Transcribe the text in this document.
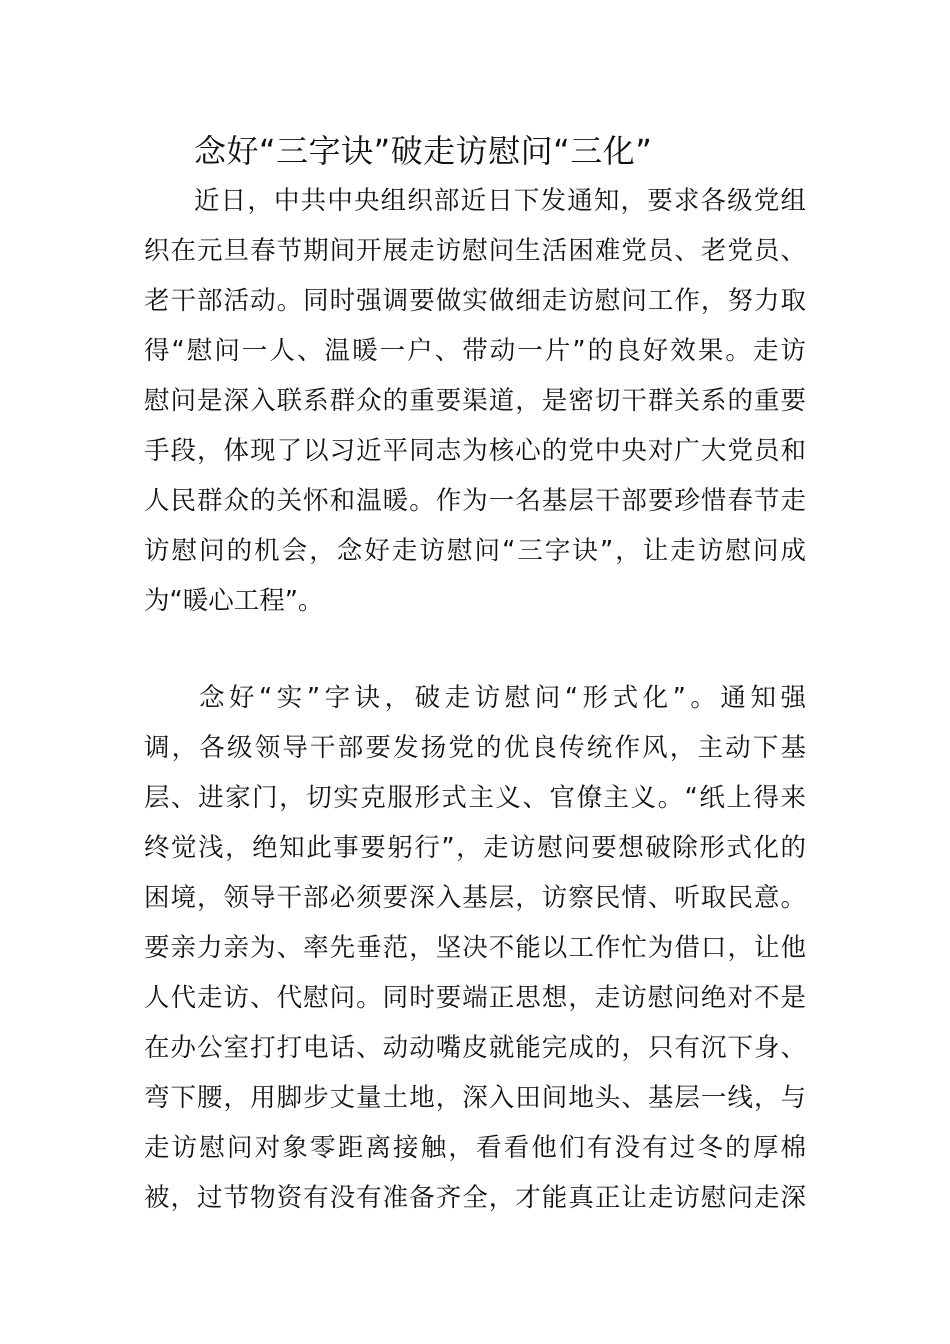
念好“三字诀”破走访慰问“三化”
近日，中共中央组织部近日下发通知，要求各级党组
织在元旦春节期间开展走访慰问生活困难党员、老党员、
老干部活动。同时强调要做实做细走访慰问工作，努力取
得“慰问一人、温暖一户、带动一片”的良好效果。走访
慰问是深入联系群众的重要渠道，是密切干群关系的重要
手段，体现了以习近平同志为核心的党中央对广大党员和
人民群众的关怀和温暖。作为一名基层干部要珍惜春节走
访慰问的机会，念好走访慰问“三字诀”，让走访慰问成
为“暖心工程”。
念好“实”字诀，破走访慰问“形式化”。通知强
调，各级领导干部要发扬党的优良传统作风，主动下基
层、进家门，切实克服形式主义、官僚主义。“纸上得来
终觉浅，绝知此事要躬行”，走访慰问要想破除形式化的
困境，领导干部必须要深入基层，访察民情、听取民意。
要亲力亲为、率先垂范，坚决不能以工作忙为借口，让他
人代走访、代慰问。同时要端正思想，走访慰问绝对不是
在办公室打打电话、动动嘴皮就能完成的，只有沉下身、
弯下腰，用脚步丈量土地，深入田间地头、基层一线，与
走访慰问对象零距离接触，看看他们有没有过冬的厚棉
被，过节物资有没有准备齐全，才能真正让走访慰问走深
